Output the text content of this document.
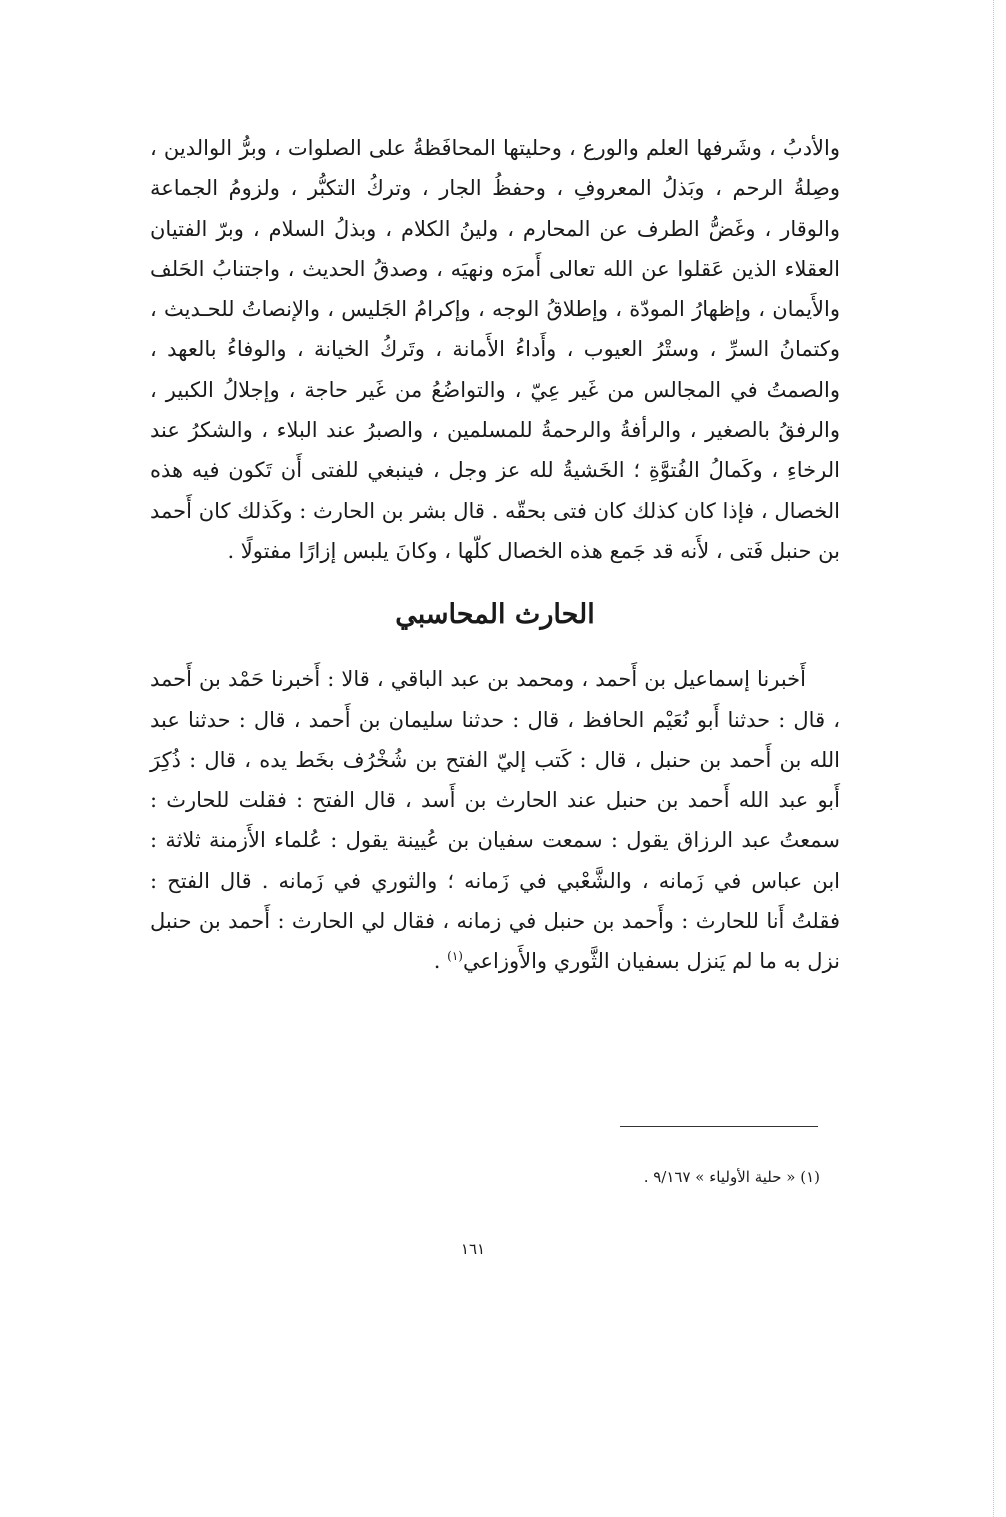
والأدبُ ، وشَرفها العلم والورع ، وحليتها المحافَظةُ على الصلوات ، وبرُّ الوالدين ، وصِلةُ الرحم ، وبَذلُ المعروفِ ، وحفظُ الجار ، وتركُ التكبُّر ، ولزومُ الجماعة والوقار ، وغَضُّ الطرف عن المحارم ، ولينُ الكلام ، وبذلُ السلام ، وبرّ الفتيان العقلاء الذين عَقلوا عن الله تعالى أَمرَه ونهيَه ، وصدقُ الحديث ، واجتنابُ الحَلف والأَيمان ، وإظهارُ المودّة ، وإطلاقُ الوجه ، وإكرامُ الجَليس ، والإنصاتُ للحـديث ، وكتمانُ السرِّ ، وستْرُ العيوب ، وأَداءُ الأَمانة ، وتَركُ الخيانة ، والوفاءُ بالعهد ، والصمتُ في المجالس من غَير عِيّ ، والتواضُعُ من غَير حاجة ، وإجلالُ الكبير ، والرفقُ بالصغير ، والرأفةُ والرحمةُ للمسلمين ، والصبرُ عند البلاء ، والشكرُ عند الرخاءِ ، وكَمالُ الفُتوَّةِ ؛ الخَشيةُ لله عز وجل ، فينبغي للفتى أَن تَكون فيه هذه الخصال ، فإذا كان كذلك كان فتى بحقّه . قال بشر بن الحارث : وكَذلك كان أَحمد بن حنبل فَتى ، لأَنه قد جَمع هذه الخصال كلّها ، وكانَ يلبس إزارًا مفتولًا .

الحارث المحاسبي

أَخبرنا إسماعيل بن أَحمد ، ومحمد بن عبد الباقي ، قالا : أَخبرنا حَمْد بن أَحمد ، قال : حدثنا أَبو نُعَيْم الحافظ ، قال : حدثنا سليمان بن أَحمد ، قال : حدثنا عبد الله بن أَحمد بن حنبل ، قال : كَتب إليّ الفتح بن شُخْرُف بخَط يده ، قال : ذُكِرَ أَبو عبد الله أَحمد بن حنبل عند الحارث بن أَسد ، قال الفتح : فقلت للحارث : سمعتُ عبد الرزاق يقول : سمعت سفيان بن عُيينة يقول : عُلماء الأَزمنة ثلاثة : ابن عباس في زَمانه ، والشَّعْبي في زَمانه ؛ والثوري في زَمانه . قال الفتح : فقلتُ أَنا للحارث : وأَحمد بن حنبل في زمانه ، فقال لي الحارث : أَحمد بن حنبل نزل به ما لم يَنزل بسفيان الثَّوري والأَوزاعي$^{(١)}$ .

(١) « حلية الأولياء » ٩/١٦٧ .
١٦١
